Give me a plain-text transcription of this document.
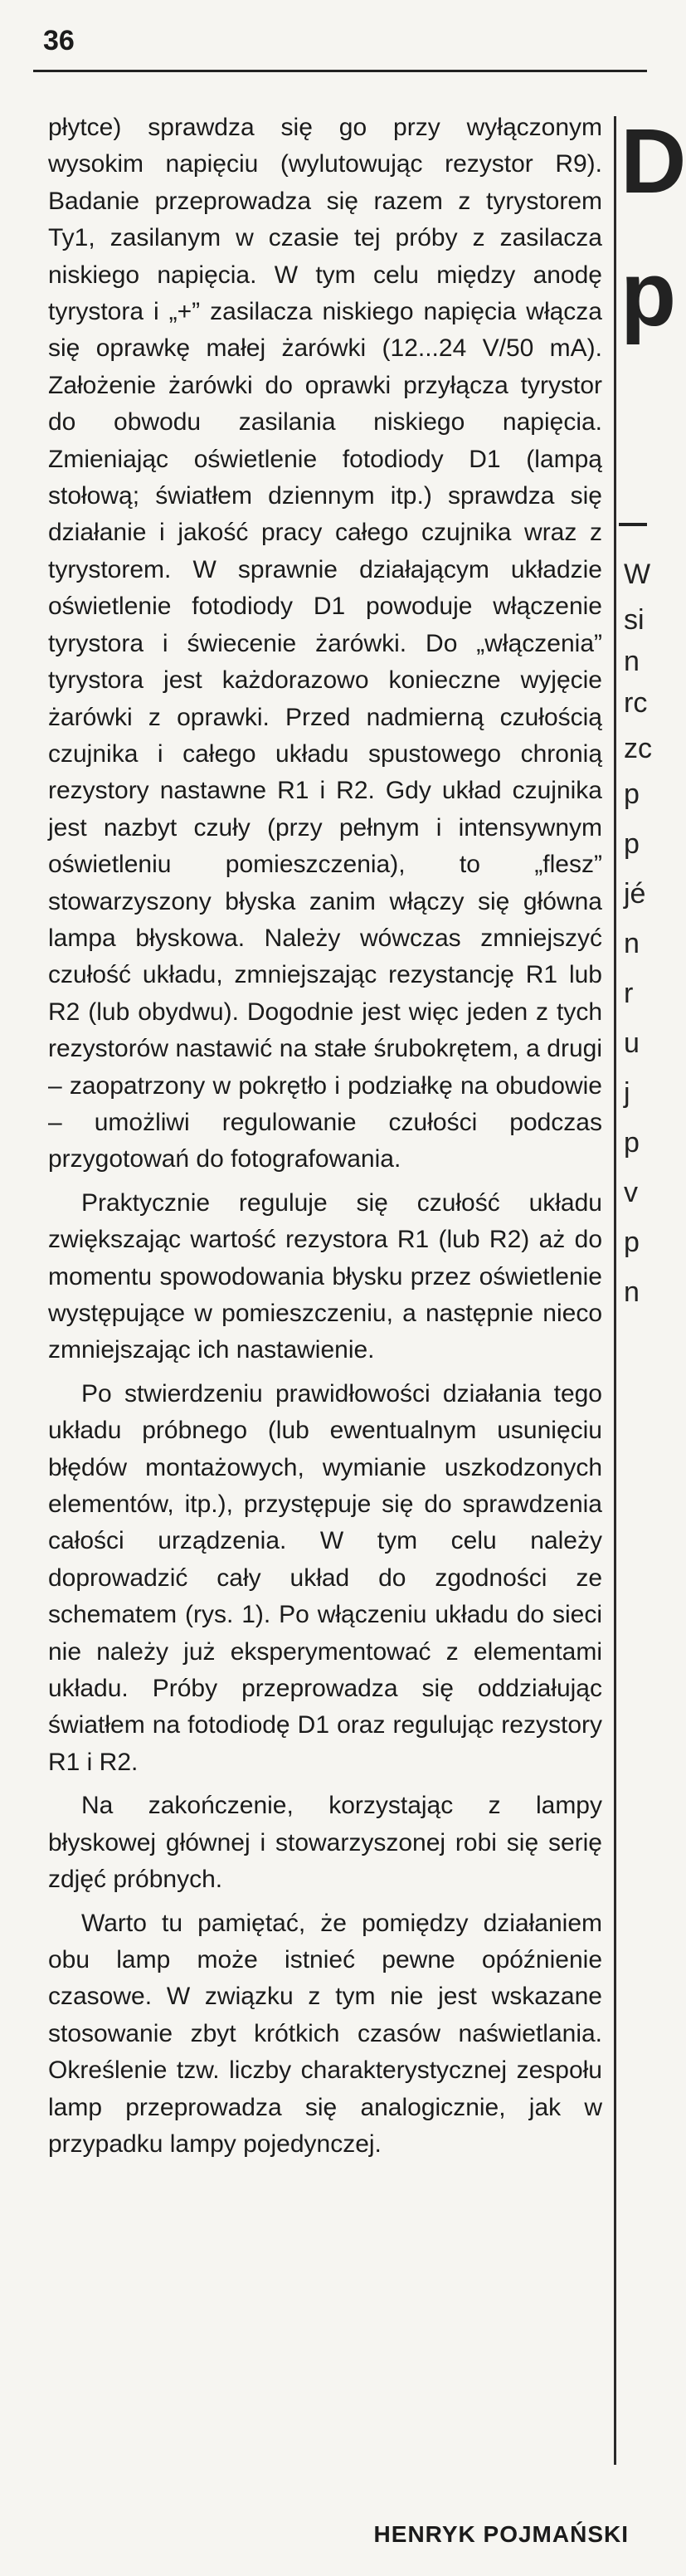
36

płytce) sprawdza się go przy wyłączonym wysokim napięciu (wylutowując rezystor R9). Badanie przeprowadza się razem z tyrystorem Ty1, zasilanym w czasie tej próby z zasilacza niskiego napięcia. W tym celu między anodę tyrystora i „+” zasilacza niskiego napięcia włącza się oprawkę małej żarówki (12...24 V/50 mA). Założenie żarówki do oprawki przyłącza tyrystor do obwodu zasilania niskiego napięcia. Zmieniając oświetlenie fotodiody D1 (lampą stołową; światłem dziennym itp.) sprawdza się działanie i jakość pracy całego czujnika wraz z tyrystorem. W sprawnie działającym układzie oświetlenie fotodiody D1 powoduje włączenie tyrystora i świecenie żarówki. Do „włączenia” tyrystora jest każdorazowo konieczne wyjęcie żarówki z oprawki. Przed nadmierną czułością czujnika i całego układu spustowego chronią rezystory nastawne R1 i R2. Gdy układ czujnika jest nazbyt czuły (przy pełnym i intensywnym oświetleniu pomieszczenia), to „flesz” stowarzyszony błyska zanim włączy się główna lampa błyskowa. Należy wówczas zmniejszyć czułość układu, zmniejszając rezystancję R1 lub R2 (lub obydwu). Dogodnie jest więc jeden z tych rezystorów nastawić na stałe śrubokrętem, a drugi – zaopatrzony w pokrętło i podziałkę na obudowie – umożliwi regulowanie czułości podczas przygotowań do fotografowania.

Praktycznie reguluje się czułość układu zwiększając wartość rezystora R1 (lub R2) aż do momentu spowodowania błysku przez oświetlenie występujące w pomieszczeniu, a następnie nieco zmniejszając ich nastawienie.

Po stwierdzeniu prawidłowości działania tego układu próbnego (lub ewentualnym usunięciu błędów montażowych, wymianie uszkodzonych elementów, itp.), przystępuje się do sprawdzenia całości urządzenia. W tym celu należy doprowadzić cały układ do zgodności ze schematem (rys. 1). Po włączeniu układu do sieci nie należy już eksperymentować z elementami układu. Próby przeprowadza się oddziałując światłem na fotodiodę D1 oraz regulując rezystory R1 i R2.

Na zakończenie, korzystając z lampy błyskowej głównej i stowarzyszonej robi się serię zdjęć próbnych.

Warto tu pamiętać, że pomiędzy działaniem obu lamp może istnieć pewne opóźnienie czasowe. W związku z tym nie jest wskazane stosowanie zbyt krótkich czasów naświetlania. Określenie tzw. liczby charakterystycznej zespołu lamp przeprowadza się analogicznie, jak w przypadku lampy pojedynczej.

D
p
W
si
n
rc
zc
p
p
jé
n
r
u
j
p
v
p
n
HENRYK POJMAŃSKI
